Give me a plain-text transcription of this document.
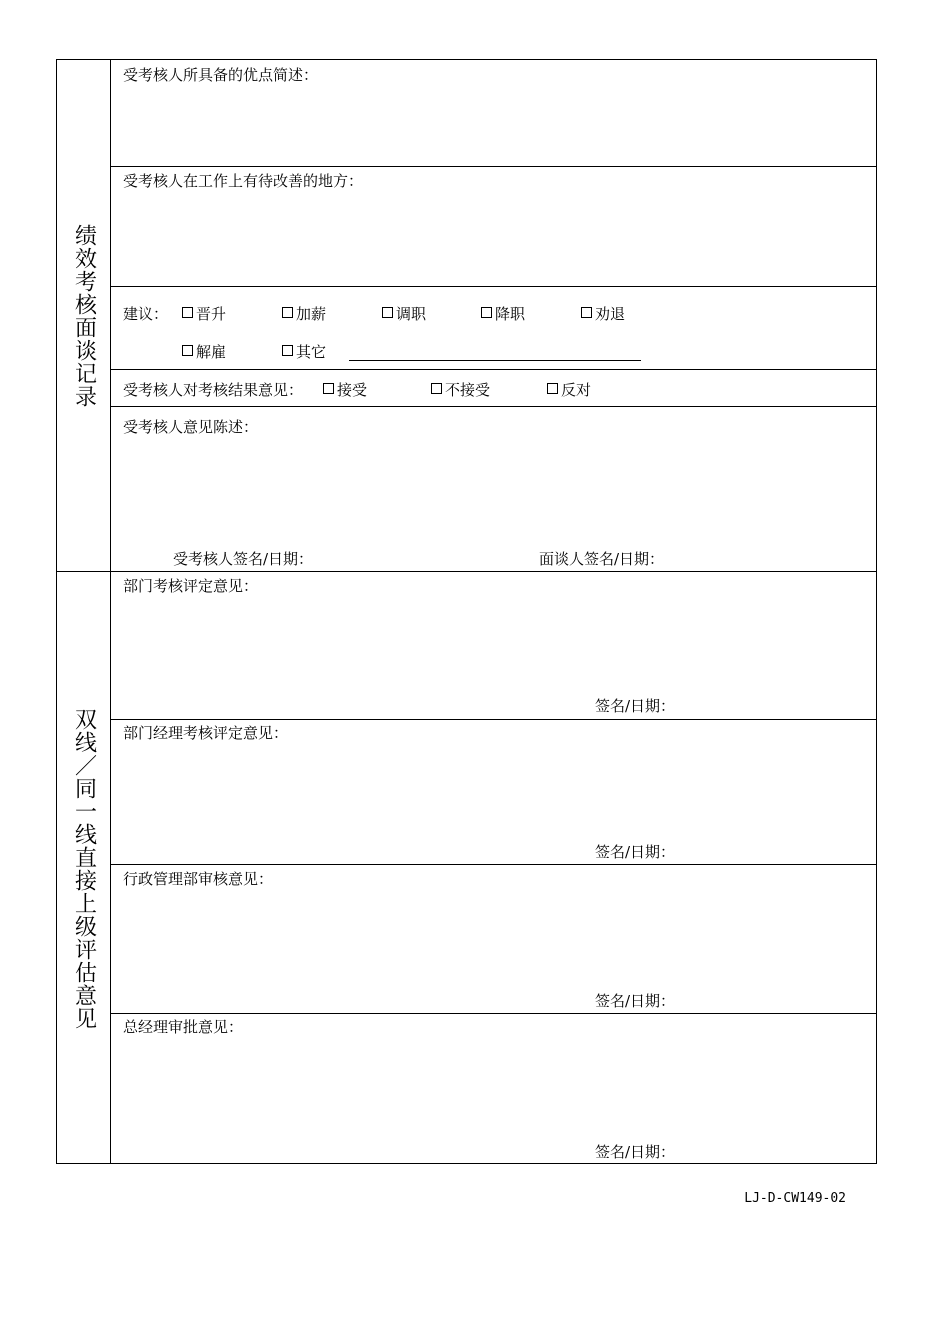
绩效考核面谈记录
双线／同一线直接上级评估意见
受考核人所具备的优点简述：
受考核人在工作上有待改善的地方：
建议：	晋升	加薪	调职	降职	劝退
解雇	其它
受考核人对考核结果意见：	接受	不接受	反对
受考核人意见陈述：
受考核人签名/日期：	面谈人签名/日期：
部门考核评定意见：
签名/日期：
部门经理考核评定意见：
签名/日期：
行政管理部审核意见：
签名/日期：
总经理审批意见：
签名/日期：
LJ-D-CW149-02
